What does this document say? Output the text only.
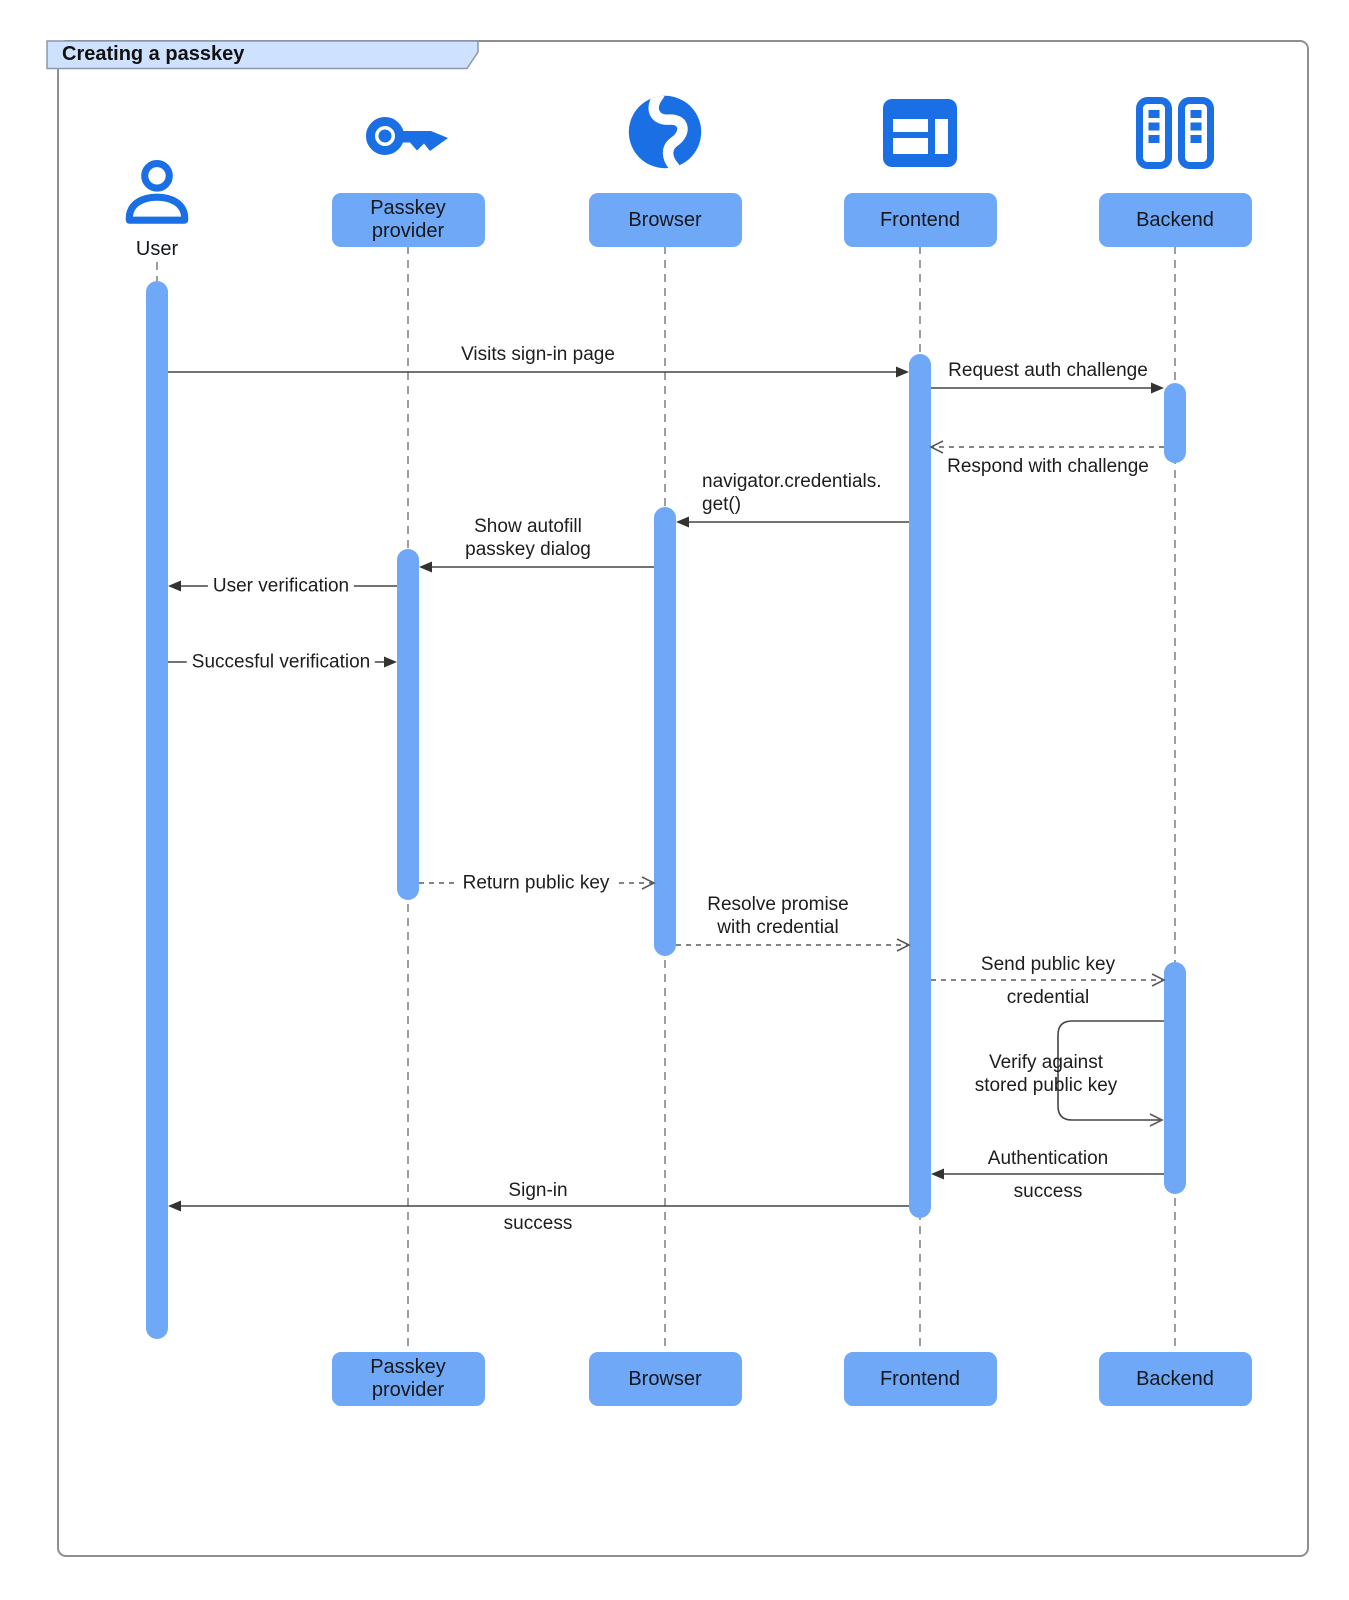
Creating a passkey
Visits sign-in page
Request auth challenge
Respond with challenge
navigator.credentials.
get()
Show autofill
passkey dialog
User verification
Succesful verification
Return public key
Resolve promise
with credential
Send public key
credential
Authentication
success
Sign-in
success
Verify against
stored public key
User
Passkey provider
Passkey provider
Browser
Browser
Frontend
Frontend
Backend
Backend
